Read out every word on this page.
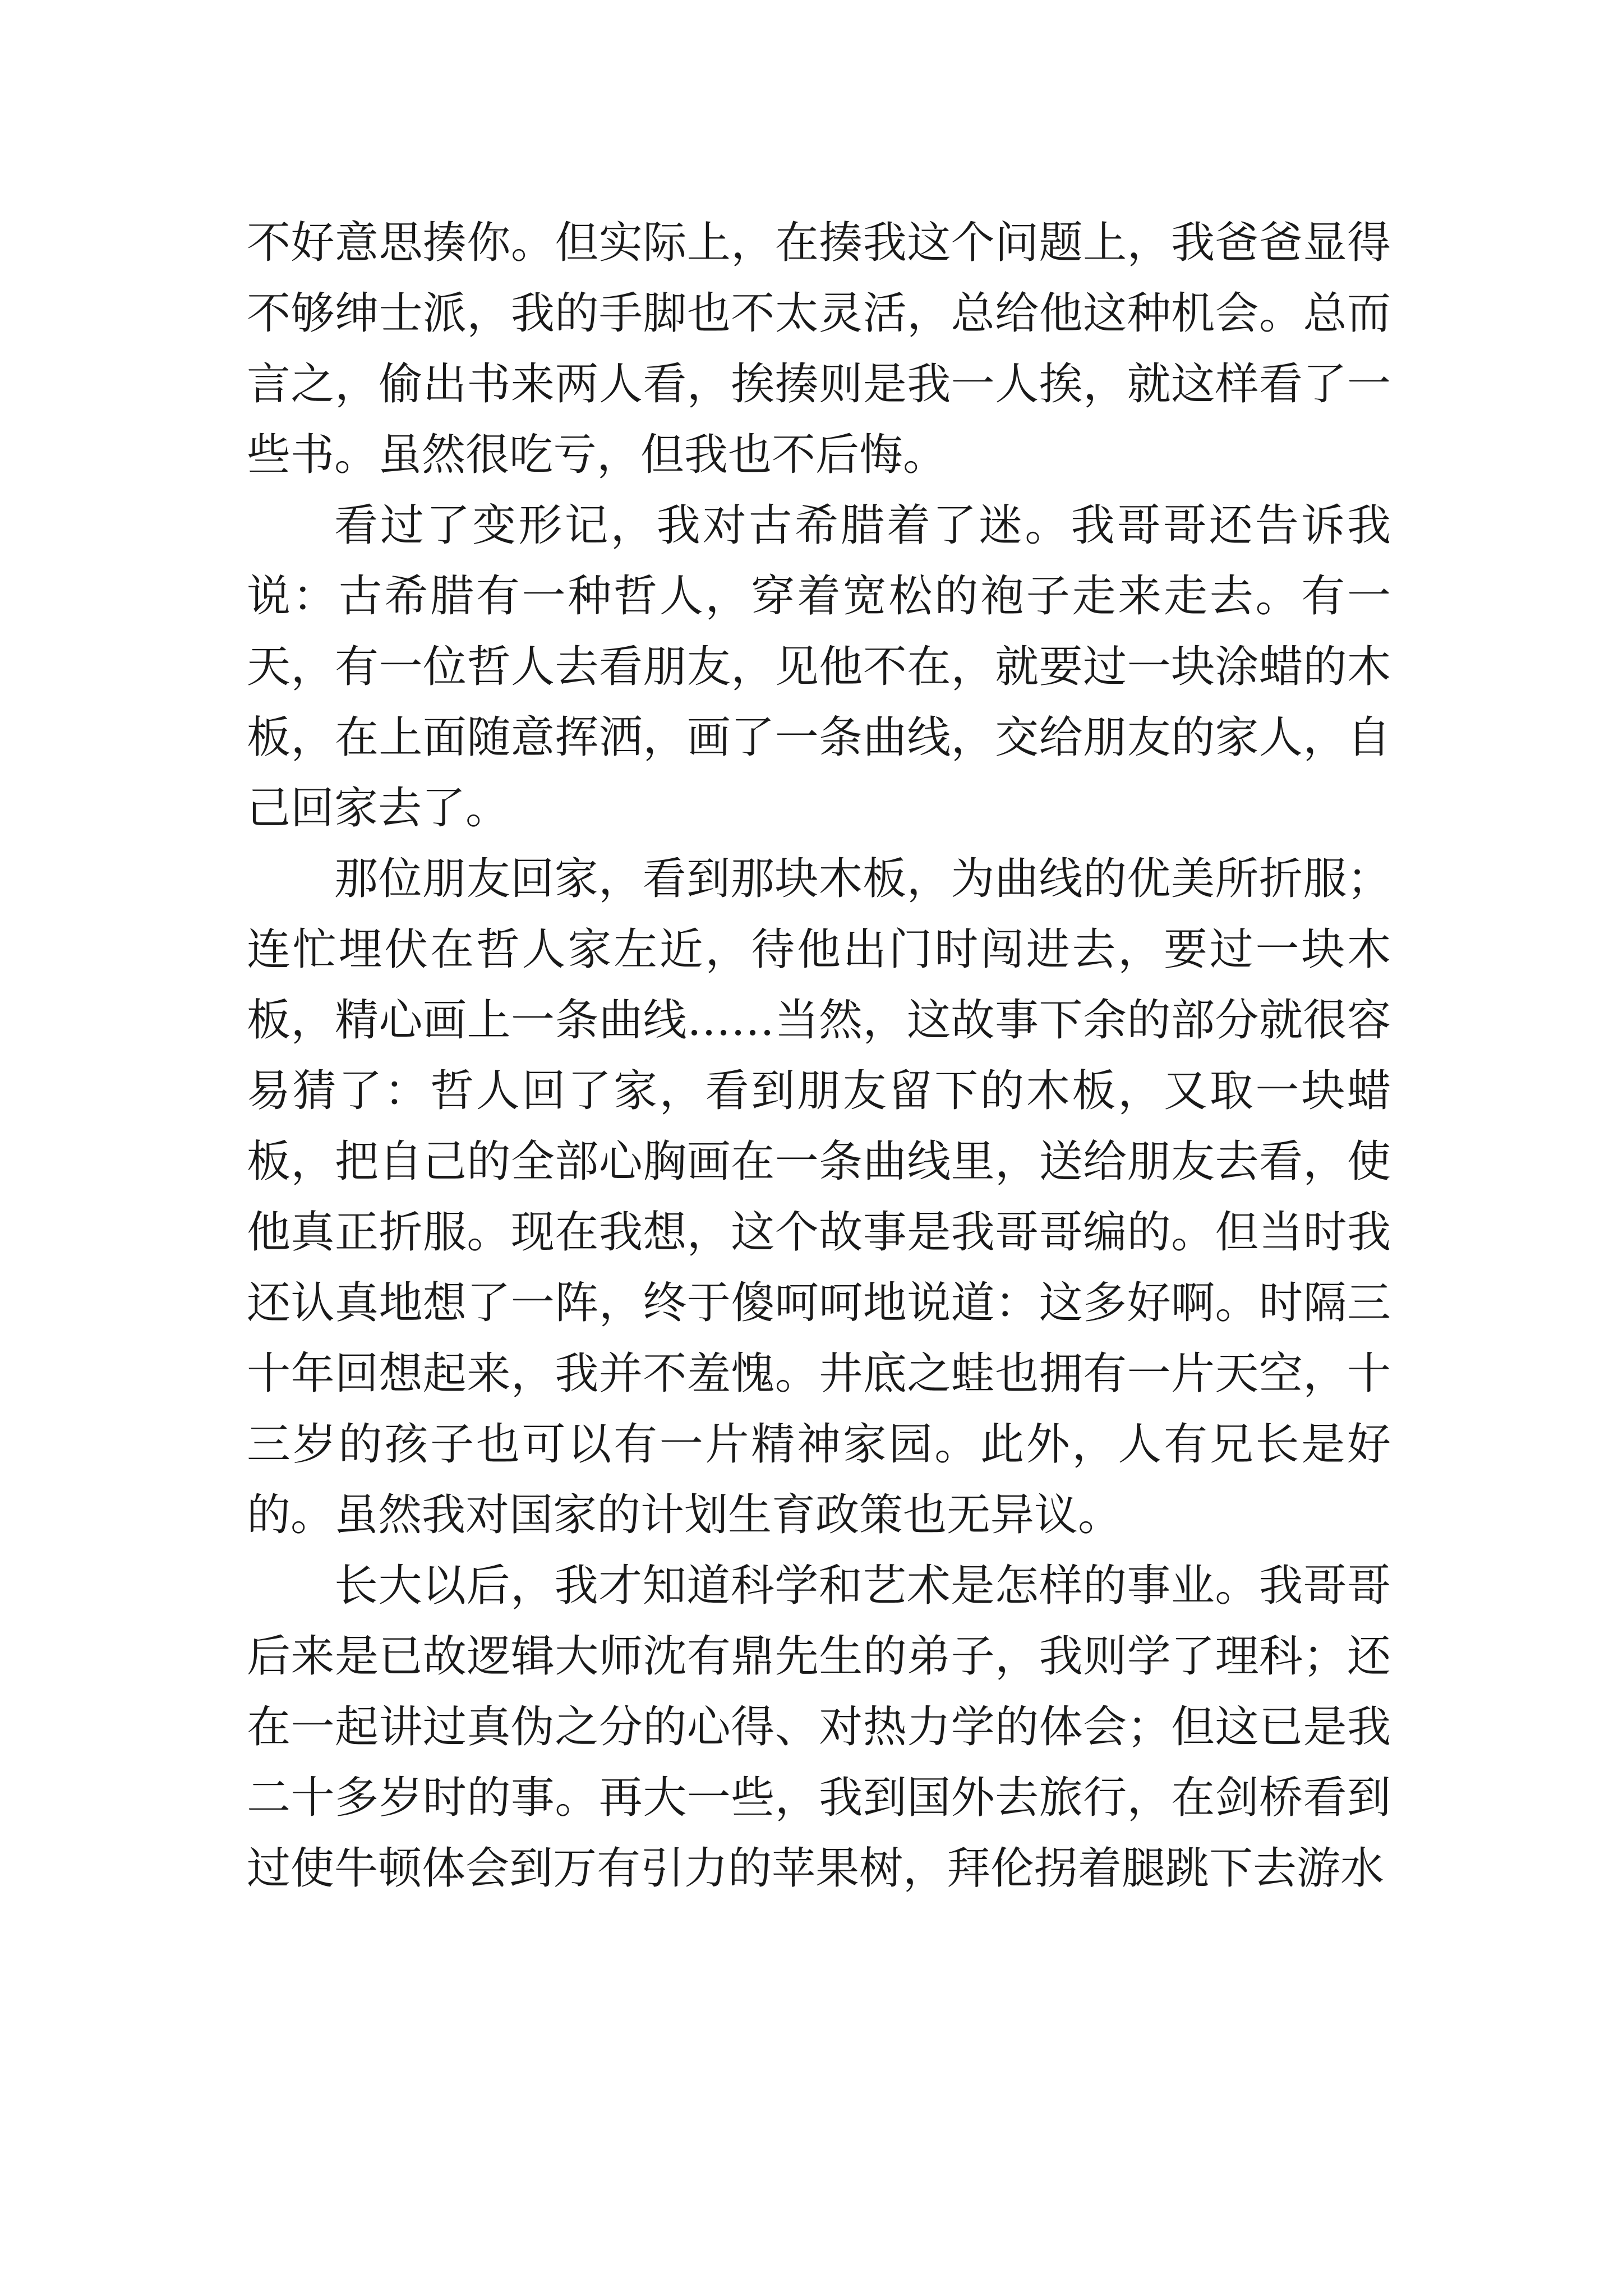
不好意思揍你。但实际上，在揍我这个问题上，我爸爸显得不够绅士派，我的手脚也不太灵活，总给他这种机会。总而言之，偷出书来两人看，挨揍则是我一人挨，就这样看了一些书。虽然很吃亏，但我也不后悔。

看过了变形记，我对古希腊着了迷。我哥哥还告诉我说：古希腊有一种哲人，穿着宽松的袍子走来走去。有一天，有一位哲人去看朋友，见他不在，就要过一块涂蜡的木板，在上面随意挥洒，画了一条曲线，交给朋友的家人，自己回家去了。

那位朋友回家，看到那块木板，为曲线的优美所折服；连忙埋伏在哲人家左近，待他出门时闯进去，要过一块木板，精心画上一条曲线……当然，这故事下余的部分就很容易猜了：哲人回了家，看到朋友留下的木板，又取一块蜡板，把自己的全部心胸画在一条曲线里，送给朋友去看，使他真正折服。现在我想，这个故事是我哥哥编的。但当时我还认真地想了一阵，终于傻呵呵地说道：这多好啊。时隔三十年回想起来，我并不羞愧。井底之蛙也拥有一片天空，十三岁的孩子也可以有一片精神家园。此外，人有兄长是好的。虽然我对国家的计划生育政策也无异议。

长大以后，我才知道科学和艺术是怎样的事业。我哥哥后来是已故逻辑大师沈有鼎先生的弟子，我则学了理科；还在一起讲过真伪之分的心得、对热力学的体会；但这已是我二十多岁时的事。再大一些，我到国外去旅行，在剑桥看到过使牛顿体会到万有引力的苹果树，拜伦拐着腿跳下去游水
